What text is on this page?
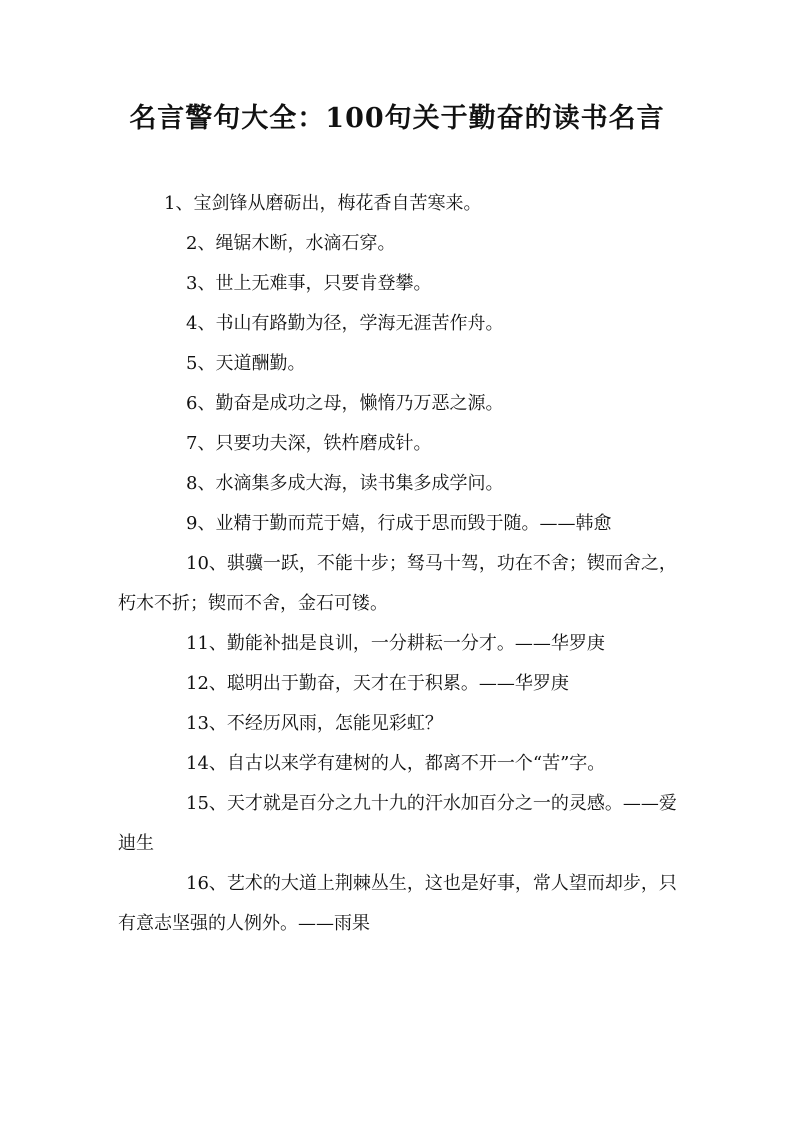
名言警句大全：100句关于勤奋的读书名言
1、宝剑锋从磨砺出，梅花香自苦寒来。
2、绳锯木断，水滴石穿。
3、世上无难事，只要肯登攀。
4、书山有路勤为径，学海无涯苦作舟。
5、天道酬勤。
6、勤奋是成功之母，懒惰乃万恶之源。
7、只要功夫深，铁杵磨成针。
8、水滴集多成大海，读书集多成学问。
9、业精于勤而荒于嬉，行成于思而毁于随。——韩愈
10、骐骥一跃，不能十步；驽马十驾，功在不舍；锲而舍之，朽木不折；锲而不舍，金石可镂。
11、勤能补拙是良训，一分耕耘一分才。——华罗庚
12、聪明出于勤奋，天才在于积累。——华罗庚
13、不经历风雨，怎能见彩虹？
14、自古以来学有建树的人，都离不开一个“苦”字。
15、天才就是百分之九十九的汗水加百分之一的灵感。——爱迪生
16、艺术的大道上荆棘丛生，这也是好事，常人望而却步，只有意志坚强的人例外。——雨果
